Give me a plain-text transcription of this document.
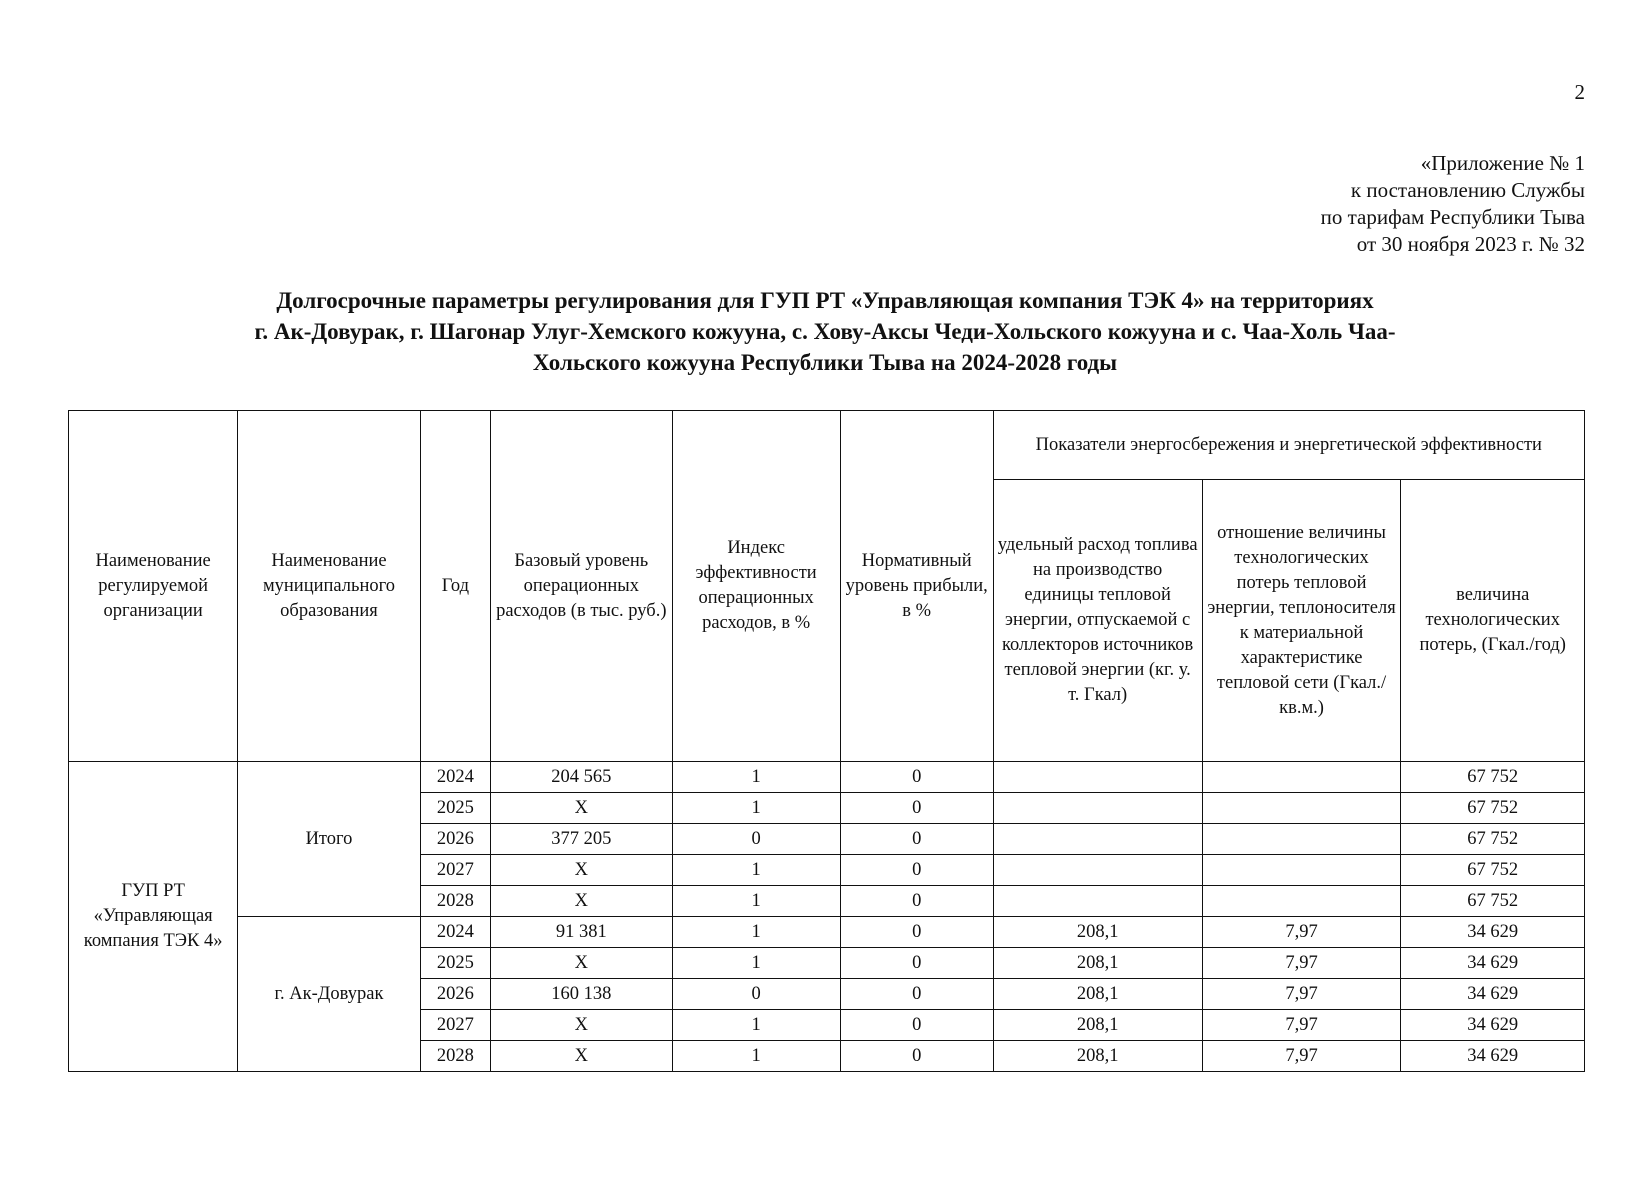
2
«Приложение № 1
к постановлению Службы
по тарифам Республики Тыва
от 30 ноября 2023 г. № 32
Долгосрочные параметры регулирования для ГУП РТ «Управляющая компания ТЭК 4» на территориях
г. Ак-Довурак, г. Шагонар Улуг-Хемского кожууна, с. Хову-Аксы Чеди-Хольского кожууна и с. Чаа-Холь Чаа-
Хольского кожууна Республики Тыва на 2024-2028 годы
Наименование регулируемой организации	Наименование муниципального образования	Год	Базовый уровень операционных расходов (в тыс. руб.)	Индекс эффективности операционных расходов, в %	Нормативный уровень прибыли, в %	Показатели энергосбережения и энергетической эффективности		
						удельный расход топлива на производство единицы тепловой энергии, отпускаемой с коллекторов источников тепловой энергии (кг. у. т. Гкал)	отношение величины технологических потерь тепловой энергии, теплоносителя к материальной характеристике тепловой сети (Гкал./кв.м.)	величина технологических потерь, (Гкал./год)
ГУП РТ «Управляющая компания ТЭК 4»	Итого	2024	204 565	1	0			67 752
		2025	X	1	0			67 752
		2026	377 205	0	0			67 752
		2027	X	1	0			67 752
		2028	X	1	0			67 752
	г. Ак-Довурак	2024	91 381	1	0	208,1	7,97	34 629
		2025	X	1	0	208,1	7,97	34 629
		2026	160 138	0	0	208,1	7,97	34 629
		2027	X	1	0	208,1	7,97	34 629
		2028	X	1	0	208,1	7,97	34 629
